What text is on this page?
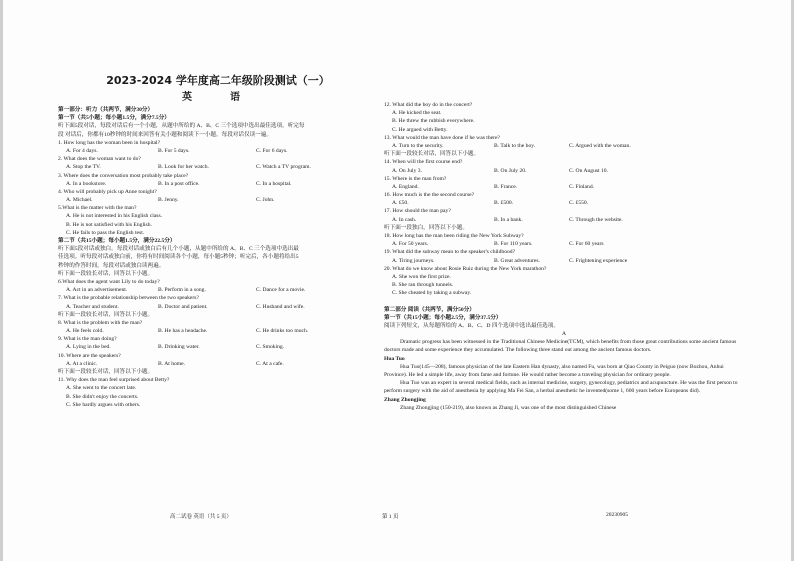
2023-2024 学年度高二年级阶段测试（一）
英　语
第一部分：听力（共两节，满分30分）
第一节（共5小题；每小题1.5分，满分7.5分）
听下面5段对话，每段对话后有一个小题，从题中所给的 A、B、C 三个选项中选出最佳选项。听完每
段 对话后，你都有10秒钟的时间来回答有关小题和阅读下一小题。每段对话仅读一遍。
1. How long has the woman been in hospital?
A. For 4 days.	B. For 5 days.	C. For 6 days.
2. What does the woman want to do?
A. Stop the TV.	B. Look for her watch.	C. Watch a TV program.
3. Where does the conversation most probably take place?
A. In a bookstore.	B. In a post office.	C. In a hospital.
4. Who will probably pick up Anne tonight?
A. Michael.	B. Jenny.	C. John.
5.What is the matter with the man?
A. He is not interested in his English class.
B. He is not satisfied with his English.
C. He fails to pass the English test.
第二节（共15小题；每小题1.5分，满分22.5分）
听下面5段对话或独白。每段对话或独白后有几个小题，从题中所给的 A、B、C 三个选项中选出最
佳选项。听每段对话或独白前，你将有时间阅读各个小题，每小题5秒钟；听完后，各小题将给出5
秒钟的作答时间。每段对话或独白读两遍。
听下面一段较长对话，回答以下小题。
6.What does the agent want Lily to do today?
A. Act in an advertisement.	B. Perform in a song.	C. Dance for a movie.
7. What is the probable relationship between the two speakers?
A. Teacher and student.	B. Doctor and patient.	C. Husband and wife.
听下面一段较长对话，回答以下小题。
8. What is the problem with the man?
A. He feels cold.	B. He has a headache.	C. He drinks too much.
9. What is the man doing?
A. Lying in the bed.	B. Drinking water.	C. Smoking.
10. Where are the speakers?
A. At a clinic.	B. At home.	C. At a cafe.
听下面一段较长对话，回答以下小题。
11. Why does the man feel surprised about Betty?
A. She went to the concert late.
B. She didn't enjoy the concerts.
C. She hardly argues with others.
12. What did the boy do in the concert?
A. He kicked the seat.
B. He threw the rubbish everywhere.
C. He argued with Betty.
13. What would the man have done if he was there?
A. Turn to the security.	B. Talk to the boy.	C. Argued with the woman.
听下面一段较长对话，回答以下小题。
14. When will the first course end?
A. On July 3.	B. On July 20.	C. On August 10.
15. Where is the man from?
A. England.	B. France.	C. Finland.
16. How much is the the second course?
A. £50.	B. £500.	C. £550.
17. How should the man pay?
A. In cash.	B. In a bank.	C. Through the website.
听下面一段独白，回答以下小题。
18. How long has the man been riding the New York Subway?
A. For 50 years.	B. For 110 years.	C. For 60 years
19. What did the subway mean to the speaker's childhood?
A. Tiring journeys.	B. Great adventures.	C. Frightening experience
20. What do we know about Rosie Ruiz during the New York marathon?
A. She won the first prize.
B. She ran through tunnels.
C. She cheated by taking a subway.
第二部分 阅读（共两节，满分50分）
第一节（共15小题；每小题2.5分，满分37.5分）
阅读下列短文，从每题所给的 A、B、C、D 四个选项中选出最佳选项。
A
Dramatic progress has been witnessed in the Traditional Chinese Medicine(TCM), which benefits from those great contributions some ancient famous doctors made and some experience they accumulated. The following three stand out among the ancient famous doctors.
Hua Tuo
Hua Tuo(145—208), famous physician of the late Eastern Han dynasty, also named Fu, was born at Qiao County in Peiguo (now Bozhou, Anhui Province). He led a simple life, away from fame and fortune. He would rather become a traveling physician for ordinary people.
Hua Tuo was an expert in several medical fields, such as internal medicine, surgery, gynecology, pediatrics and acupuncture. He was the first person to perform surgery with the aid of anesthesia by applying Ma Fei San, a herbal anesthetic he invented(some 1, 600 years before Europeans did).
Zhang Zhongjing
Zhang Zhongjing (150-219), also known as Zhang Ji, was one of the most distinguished Chinese
高二试卷 英语（共 5 页）	第 1 页	20230905
